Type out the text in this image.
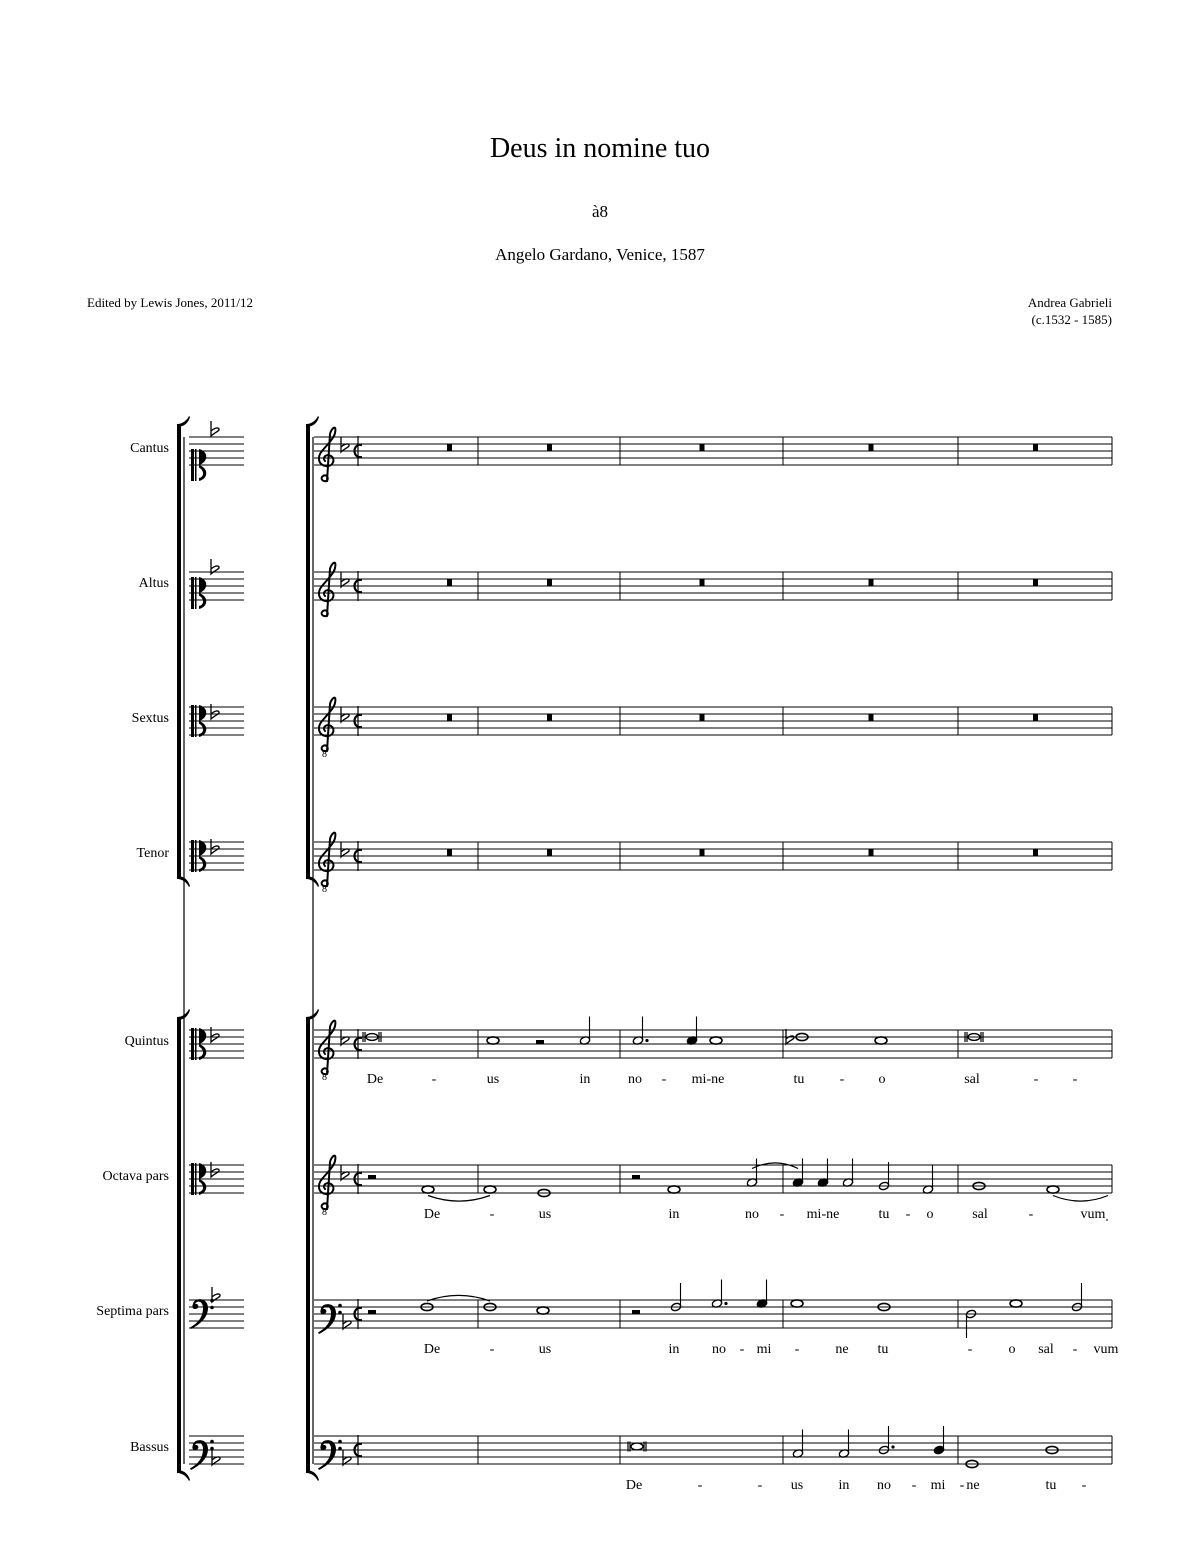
Deus in nomine tuo
à8
Angelo Gardano, Venice, 1587
Edited by Lewis Jones, 2011/12	Andrea Gabrieli
(c.1532 - 1585)
Cantus
Altus
Sextus
Tenor
Quintus
Octava pars
Septima pars
Bassus
8
8
8
8
De	-	us	in	no - mi-ne	tu	- o	sal	- -
De	-	us	in	no - mi-ne	tu - o	sal	-	vum
De	-	us	in no - mi -	ne tu	-	o sal - vum
De	-	- us	in no - mi - ne	tu -
